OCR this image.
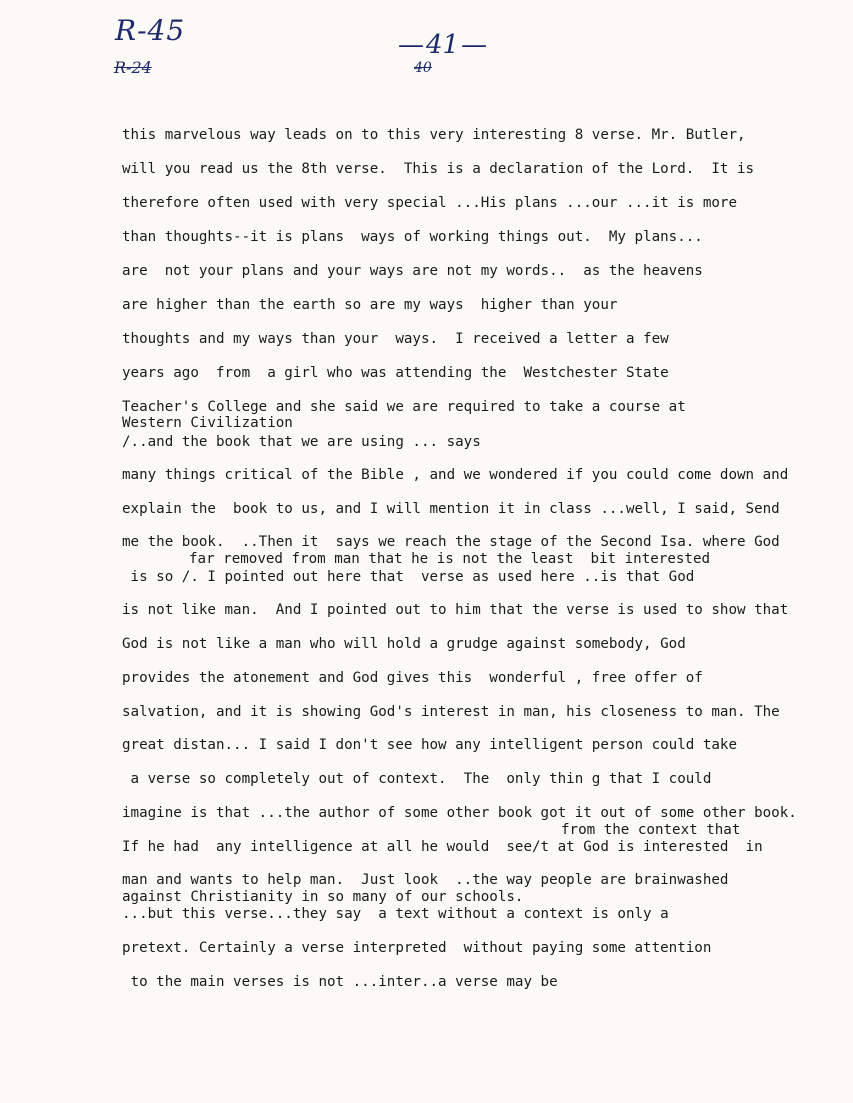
R-45
R-24
— 41 —
40
this marvelous way leads on to this very interesting 8 verse. Mr. Butler,
will you read us the 8th verse.  This is a declaration of the Lord.  It is
therefore often used with very special ...His plans ...our ...it is more
than thoughts--it is plans  ways of working things out.  My plans...
are  not your plans and your ways are not my words..  as the heavens
are higher than the earth so are my ways  higher than your
thoughts and my ways than your  ways.  I received a letter a few
years ago  from  a girl who was attending the  Westchester State
Teacher's College and she said we are required to take a course at
Western Civilization
/..and the book that we are using ... says
many things critical of the Bible , and we wondered if you could come down and
explain the  book to us, and I will mention it in class ...well, I said, Send
far removed from man that he is not the least  bit interested
me the book.  ..Then it  says we reach the stage of the Second Isa. where God
is so /. I pointed out here that  verse as used here ..is that God
is not like man.  And I pointed out to him that the verse is used to show that
God is not like a man who will hold a grudge against somebody, God
provides the atonement and God gives this  wonderful , free offer of
salvation, and it is showing God's interest in man, his closeness to man. The
great distan... I said I don't see how any intelligent person could take
a verse so completely out of context.  The  only thin g that I could
imagine is that ...the author of some other book got it out of some other book.
from the context that
If he had  any intelligence at all he would  see/t at God is interested  in
man and wants to help man.  Just look  ..the way people are brainwashed
against Christianity in so many of our schools.
...but this verse...they say  a text without a context is only a
pretext. Certainly a verse interpreted  without paying some attention
to the main verses is not ...inter..a verse may be
